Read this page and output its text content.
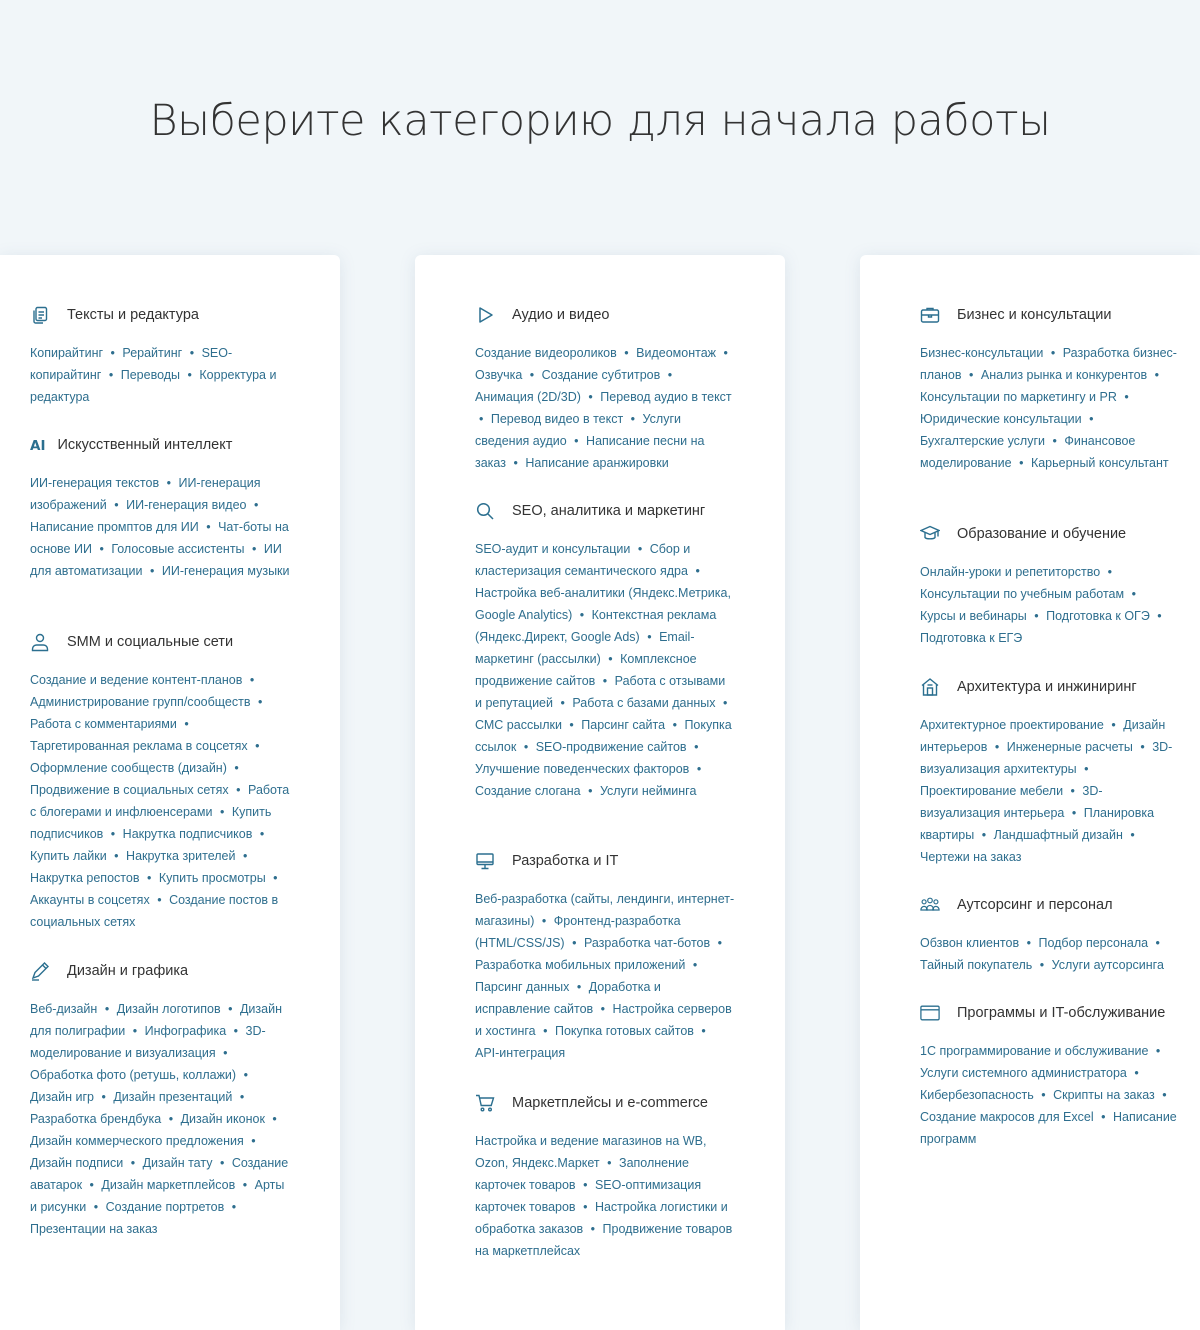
Выберите категорию для начала работы
Тексты и редактура
Копирайтинг • Рерайтинг • SEO-копирайтинг • Переводы • Корректура и редактура
AI Искусственный интеллект
ИИ-генерация текстов • ИИ-генерация изображений • ИИ-генерация видео • Написание промптов для ИИ • Чат-боты на основе ИИ • Голосовые ассистенты • ИИ для автоматизации • ИИ-генерация музыки
SMM и социальные сети
Создание и ведение контент-планов • Администрирование групп/сообществ • Работа с комментариями • Таргетированная реклама в соцсетях • Оформление сообществ (дизайн) • Продвижение в социальных сетях • Работа с блогерами и инфлюенсерами • Купить подписчиков • Накрутка подписчиков • Купить лайки • Накрутка зрителей • Накрутка репостов • Купить просмотры • Аккаунты в соцсетях • Создание постов в социальных сетях
Дизайн и графика
Веб-дизайн • Дизайн логотипов • Дизайн для полиграфии • Инфографика • 3D-моделирование и визуализация • Обработка фото (ретушь, коллажи) • Дизайн игр • Дизайн презентаций • Разработка брендбука • Дизайн иконок • Дизайн коммерческого предложения • Дизайн подписи • Дизайн тату • Создание аватарок • Дизайн маркетплейсов • Арты и рисунки • Создание портретов • Презентации на заказ
Аудио и видео
Создание видеороликов • Видеомонтаж • Озвучка • Создание субтитров • Анимация (2D/3D) • Перевод аудио в текст • Перевод видео в текст • Услуги сведения аудио • Написание песни на заказ • Написание аранжировки
SEO, аналитика и маркетинг
SEO-аудит и консультации • Сбор и кластеризация семантического ядра • Настройка веб-аналитики (Яндекс.Метрика, Google Analytics) • Контекстная реклама (Яндекс.Директ, Google Ads) • Email-маркетинг (рассылки) • Комплексное продвижение сайтов • Работа с отзывами и репутацией • Работа с базами данных • СМС рассылки • Парсинг сайта • Покупка ссылок • SEO-продвижение сайтов • Улучшение поведенческих факторов • Создание слогана • Услуги нейминга
Разработка и IT
Веб-разработка (сайты, лендинги, интернет-магазины) • Фронтенд-разработка (HTML/CSS/JS) • Разработка чат-ботов • Разработка мобильных приложений • Парсинг данных • Доработка и исправление сайтов • Настройка серверов и хостинга • Покупка готовых сайтов • API-интеграция
Маркетплейсы и e-commerce
Настройка и ведение магазинов на WB, Ozon, Яндекс.Маркет • Заполнение карточек товаров • SEO-оптимизация карточек товаров • Настройка логистики и обработка заказов • Продвижение товаров на маркетплейсах
Бизнес и консультации
Бизнес-консультации • Разработка бизнес-планов • Анализ рынка и конкурентов • Консультации по маркетингу и PR • Юридические консультации • Бухгалтерские услуги • Финансовое моделирование • Карьерный консультант
Образование и обучение
Онлайн-уроки и репетиторство • Консультации по учебным работам • Курсы и вебинары • Подготовка к ОГЭ • Подготовка к ЕГЭ
Архитектура и инжиниринг
Архитектурное проектирование • Дизайн интерьеров • Инженерные расчеты • 3D-визуализация архитектуры • Проектирование мебели • 3D-визуализация интерьера • Планировка квартиры • Ландшафтный дизайн • Чертежи на заказ
Аутсорсинг и персонал
Обзвон клиентов • Подбор персонала • Тайный покупатель • Услуги аутсорсинга
Программы и IT-обслуживание
1С программирование и обслуживание • Услуги системного администратора • Кибербезопасность • Скрипты на заказ • Создание макросов для Excel • Написание программ
